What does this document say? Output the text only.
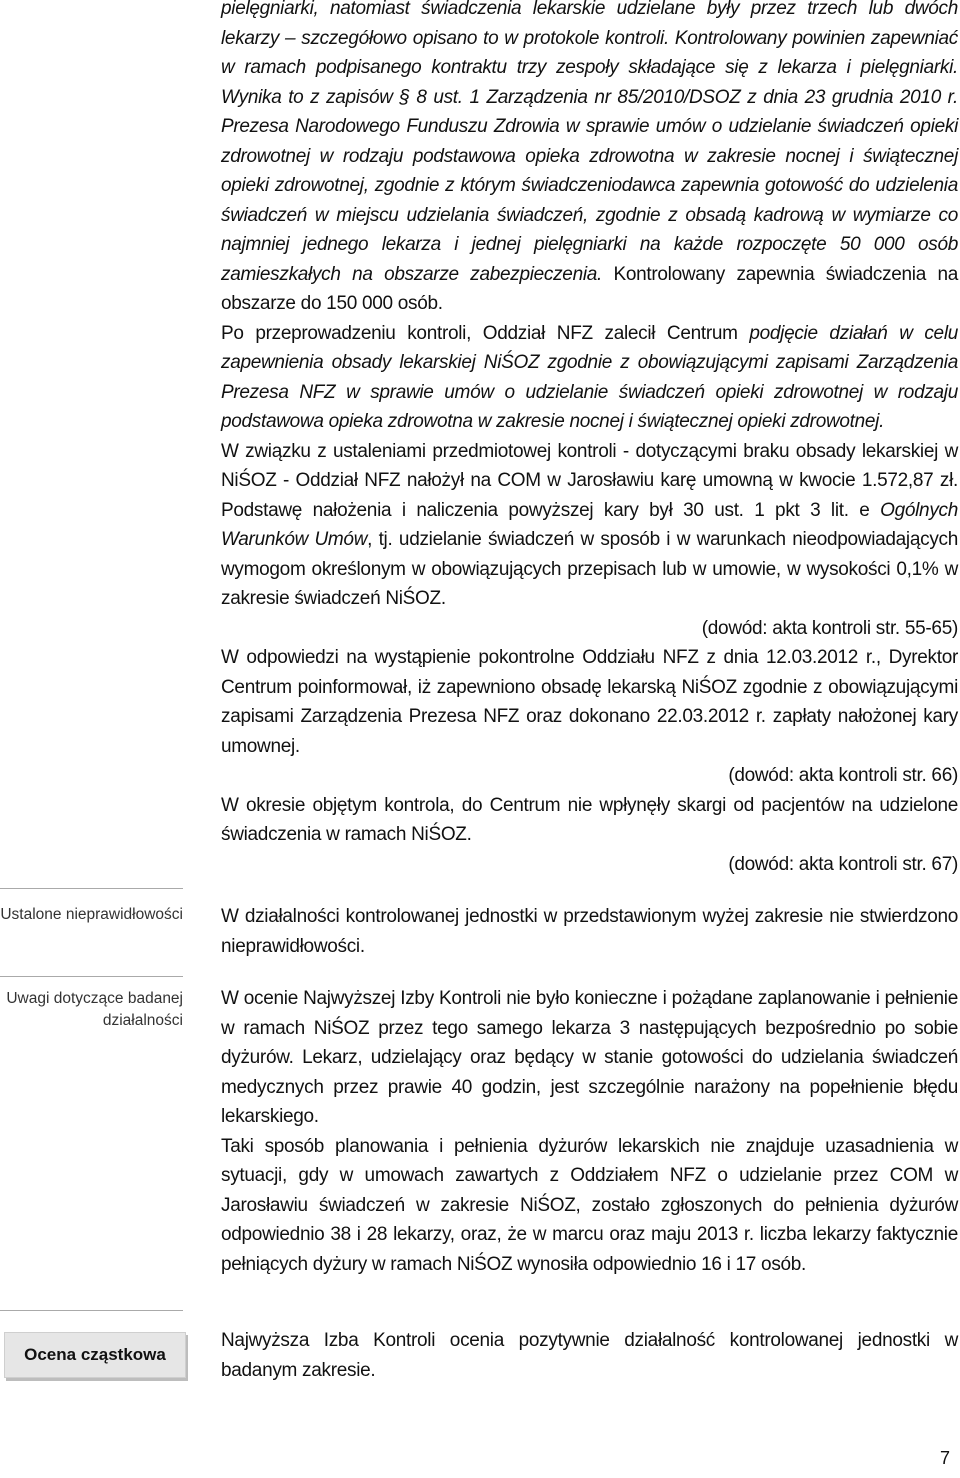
pielęgniarki, natomiast świadczenia lekarskie udzielane były przez trzech lub dwóch lekarzy – szczegółowo opisano to w protokole kontroli. Kontrolowany powinien zapewniać w ramach podpisanego kontraktu trzy zespoły składające się z lekarza i pielęgniarki. Wynika to z zapisów § 8 ust. 1 Zarządzenia nr 85/2010/DSOZ z dnia 23 grudnia 2010 r. Prezesa Narodowego Funduszu Zdrowia w sprawie umów o udzielanie świadczeń opieki zdrowotnej w rodzaju podstawowa opieka zdrowotna w zakresie nocnej i świątecznej opieki zdrowotnej, zgodnie z którym świadczeniodawca zapewnia gotowość do udzielenia świadczeń w miejscu udzielania świadczeń, zgodnie z obsadą kadrową w wymiarze co najmniej jednego lekarza i jednej pielęgniarki na każde rozpoczęte 50 000 osób zamieszkałych na obszarze zabezpieczenia. Kontrolowany zapewnia świadczenia na obszarze do 150 000 osób.

Po przeprowadzeniu kontroli, Oddział NFZ zalecił Centrum podjęcie działań w celu zapewnienia obsady lekarskiej NiŚOZ zgodnie z obowiązującymi zapisami Zarządzenia Prezesa NFZ w sprawie umów o udzielanie świadczeń opieki zdrowotnej w rodzaju podstawowa opieka zdrowotna w zakresie nocnej i świątecznej opieki zdrowotnej.

W związku z ustaleniami przedmiotowej kontroli - dotyczącymi braku obsady lekarskiej w NiŚOZ - Oddział NFZ nałożył na COM w Jarosławiu karę umowną w kwocie 1.572,87 zł. Podstawę nałożenia i naliczenia powyższej kary był 30 ust. 1 pkt 3 lit. e Ogólnych Warunków Umów, tj. udzielanie świadczeń w sposób i w warunkach nieodpowiadających wymogom określonym w obowiązujących przepisach lub w umowie, w wysokości 0,1% w zakresie świadczeń NiŚOZ.

(dowód: akta kontroli str. 55-65)

W odpowiedzi na wystąpienie pokontrolne Oddziału NFZ z dnia 12.03.2012 r., Dyrektor Centrum poinformował, iż zapewniono obsadę lekarską NiŚOZ zgodnie z obowiązującymi zapisami Zarządzenia Prezesa NFZ oraz dokonano 22.03.2012 r. zapłaty nałożonej kary umownej.

(dowód: akta kontroli str. 66)

W okresie objętym kontrola, do Centrum nie wpłynęły skargi od pacjentów na udzielone świadczenia w ramach NiŚOZ.

(dowód: akta kontroli str. 67)

Ustalone nieprawidłowości W działalności kontrolowanej jednostki w przedstawionym wyżej zakresie nie stwierdzono nieprawidłowości.

Uwagi dotyczące badanej działalności

W ocenie Najwyższej Izby Kontroli nie było konieczne i pożądane zaplanowanie i pełnienie w ramach NiŚOZ przez tego samego lekarza 3 następujących bezpośrednio po sobie dyżurów. Lekarz, udzielający oraz będący w stanie gotowości do udzielania świadczeń medycznych przez prawie 40 godzin, jest szczególnie narażony na popełnienie błędu lekarskiego.

Taki sposób planowania i pełnienia dyżurów lekarskich nie znajduje uzasadnienia w sytuacji, gdy w umowach zawartych z Oddziałem NFZ o udzielanie przez COM w Jarosławiu świadczeń w zakresie NiŚOZ, zostało zgłoszonych do pełnienia dyżurów odpowiednio 38 i 28 lekarzy, oraz, że w marcu oraz maju 2013 r. liczba lekarzy faktycznie pełniących dyżury w ramach NiŚOZ wynosiła odpowiednio 16 i 17 osób.

Ocena cząstkowa

Najwyższa Izba Kontroli ocenia pozytywnie działalność kontrolowanej jednostki w badanym zakresie.

7
